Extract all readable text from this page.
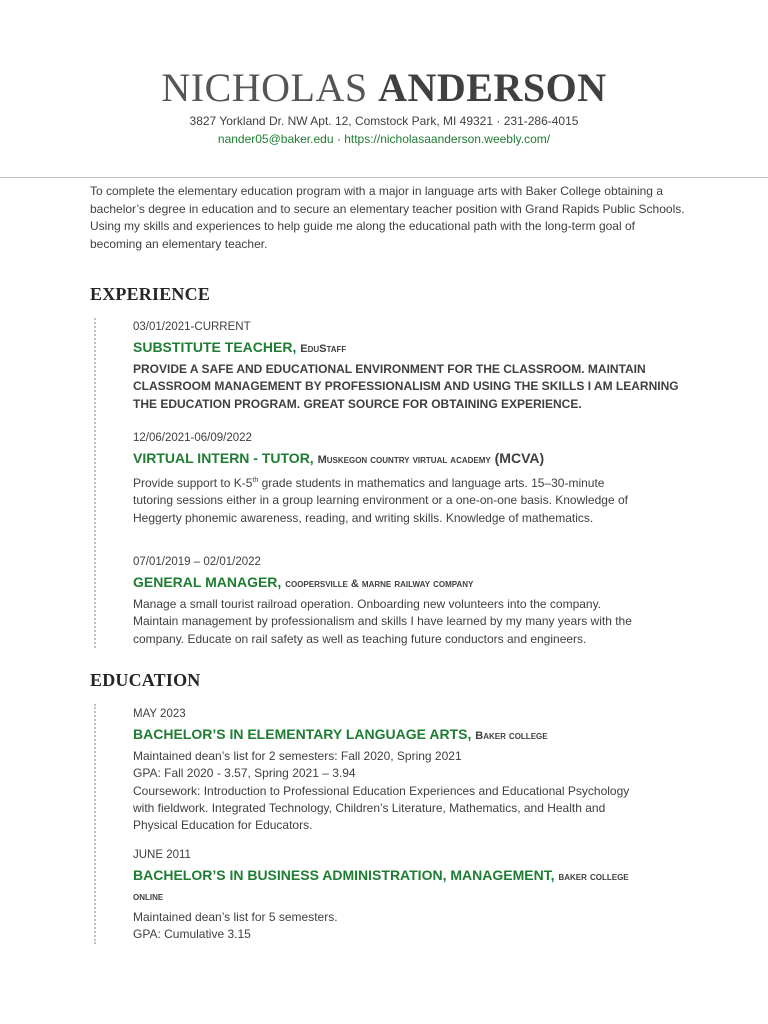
NICHOLAS ANDERSON
3827 Yorkland Dr. NW Apt. 12, Comstock Park, MI 49321 · 231-286-4015
nander05@baker.edu · https://nicholasaanderson.weebly.com/
To complete the elementary education program with a major in language arts with Baker College obtaining a bachelor’s degree in education and to secure an elementary teacher position with Grand Rapids Public Schools. Using my skills and experiences to help guide me along the educational path with the long-term goal of becoming an elementary teacher.
EXPERIENCE
03/01/2021-CURRENT
SUBSTITUTE TEACHER, EduStaff
PROVIDE A SAFE AND EDUCATIONAL ENVIRONMENT FOR THE CLASSROOM. MAINTAIN
CLASSROOM MANAGEMENT BY PROFESSIONALISM AND USING THE SKILLS I AM LEARNING
THE EDUCATION PROGRAM. GREAT SOURCE FOR OBTAINING EXPERIENCE.
12/06/2021-06/09/2022
VIRTUAL INTERN - TUTOR, Muskegon country virtual academy (MCVA)
Provide support to K-5th grade students in mathematics and language arts. 15–30-minute
tutoring sessions either in a group learning environment or a one-on-one basis. Knowledge of
Heggerty phonemic awareness, reading, and writing skills. Knowledge of mathematics.
07/01/2019 – 02/01/2022
GENERAL MANAGER, coopersville & marne railway company
Manage a small tourist railroad operation. Onboarding new volunteers into the company.
Maintain management by professionalism and skills I have learned by my many years with the
company. Educate on rail safety as well as teaching future conductors and engineers.
EDUCATION
MAY 2023
BACHELOR’S IN ELEMENTARY LANGUAGE ARTS, Baker college
Maintained dean’s list for 2 semesters: Fall 2020, Spring 2021
GPA: Fall 2020 - 3.57, Spring 2021 – 3.94
Coursework: Introduction to Professional Education Experiences and Educational Psychology
with fieldwork. Integrated Technology, Children’s Literature, Mathematics, and Health and
Physical Education for Educators.
JUNE 2011
BACHELOR’S IN BUSINESS ADMINISTRATION, MANAGEMENT, baker college
online
Maintained dean’s list for 5 semesters.
GPA: Cumulative 3.15
